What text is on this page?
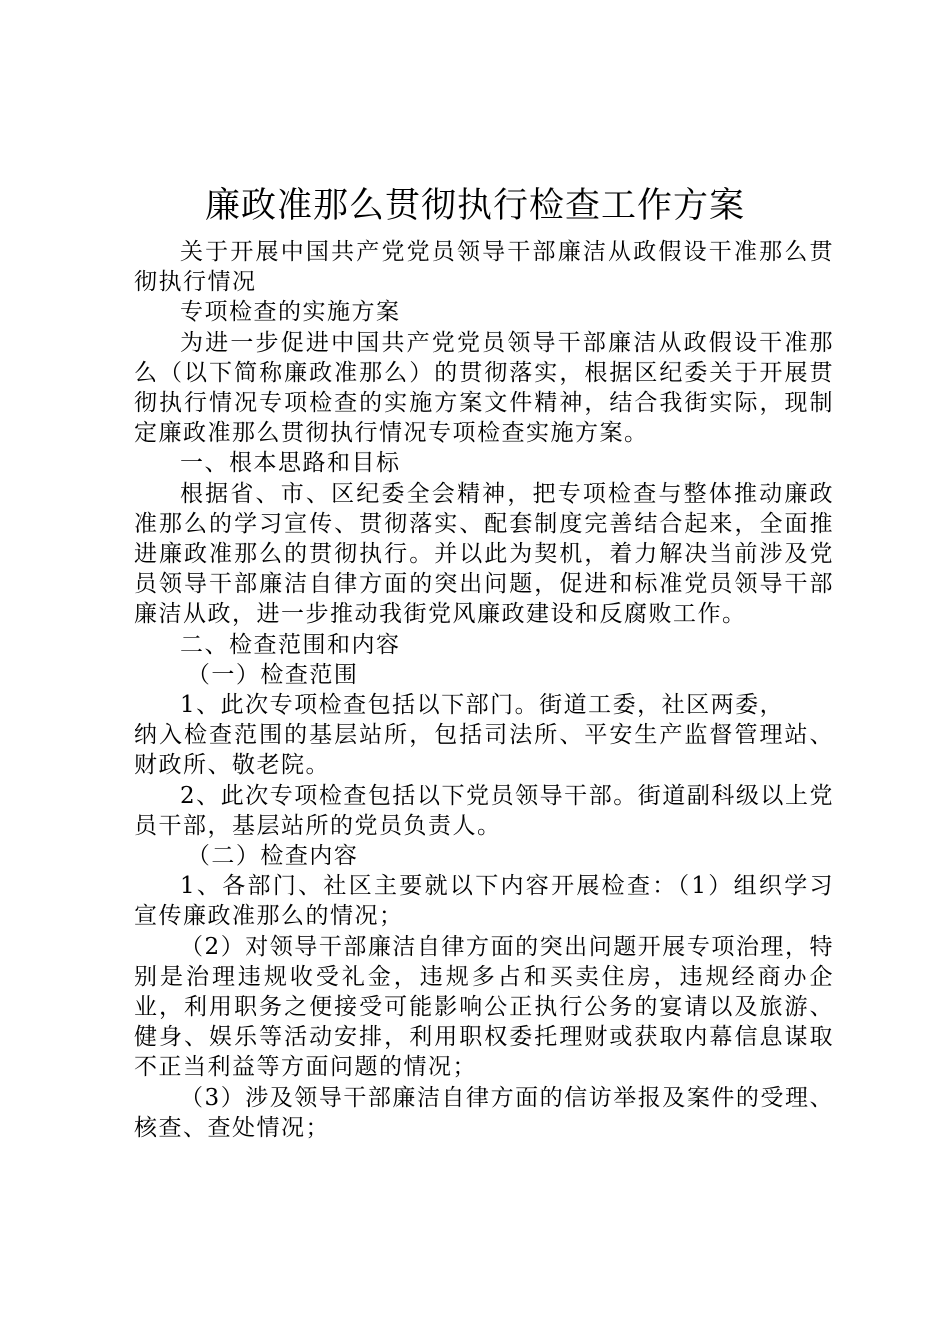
廉政准那么贯彻执行检查工作方案

关于开展中国共产党党员领导干部廉洁从政假设干准那么贯彻执行情况

专项检查的实施方案

为进一步促进中国共产党党员领导干部廉洁从政假设干准那么（以下简称廉政准那么）的贯彻落实，根据区纪委关于开展贯彻执行情况专项检查的实施方案文件精神，结合我街实际，现制定廉政准那么贯彻执行情况专项检查实施方案。

一、根本思路和目标

根据省、市、区纪委全会精神，把专项检查与整体推动廉政准那么的学习宣传、贯彻落实、配套制度完善结合起来，全面推进廉政准那么的贯彻执行。并以此为契机，着力解决当前涉及党员领导干部廉洁自律方面的突出问题，促进和标准党员领导干部廉洁从政，进一步推动我街党风廉政建设和反腐败工作。

二、检查范围和内容

（一）检查范围

1、此次专项检查包括以下部门。街道工委，社区两委，

纳入检查范围的基层站所，包括司法所、平安生产监督管理站、财政所、敬老院。

2、此次专项检查包括以下党员领导干部。街道副科级以上党员干部，基层站所的党员负责人。

（二）检查内容

1、各部门、社区主要就以下内容开展检查：（1）组织学习宣传廉政准那么的情况；

（2）对领导干部廉洁自律方面的突出问题开展专项治理，特别是治理违规收受礼金，违规多占和买卖住房，违规经商办企业，利用职务之便接受可能影响公正执行公务的宴请以及旅游、健身、娱乐等活动安排，利用职权委托理财或获取内幕信息谋取不正当利益等方面问题的情况；

（3）涉及领导干部廉洁自律方面的信访举报及案件的受理、核查、查处情况；
